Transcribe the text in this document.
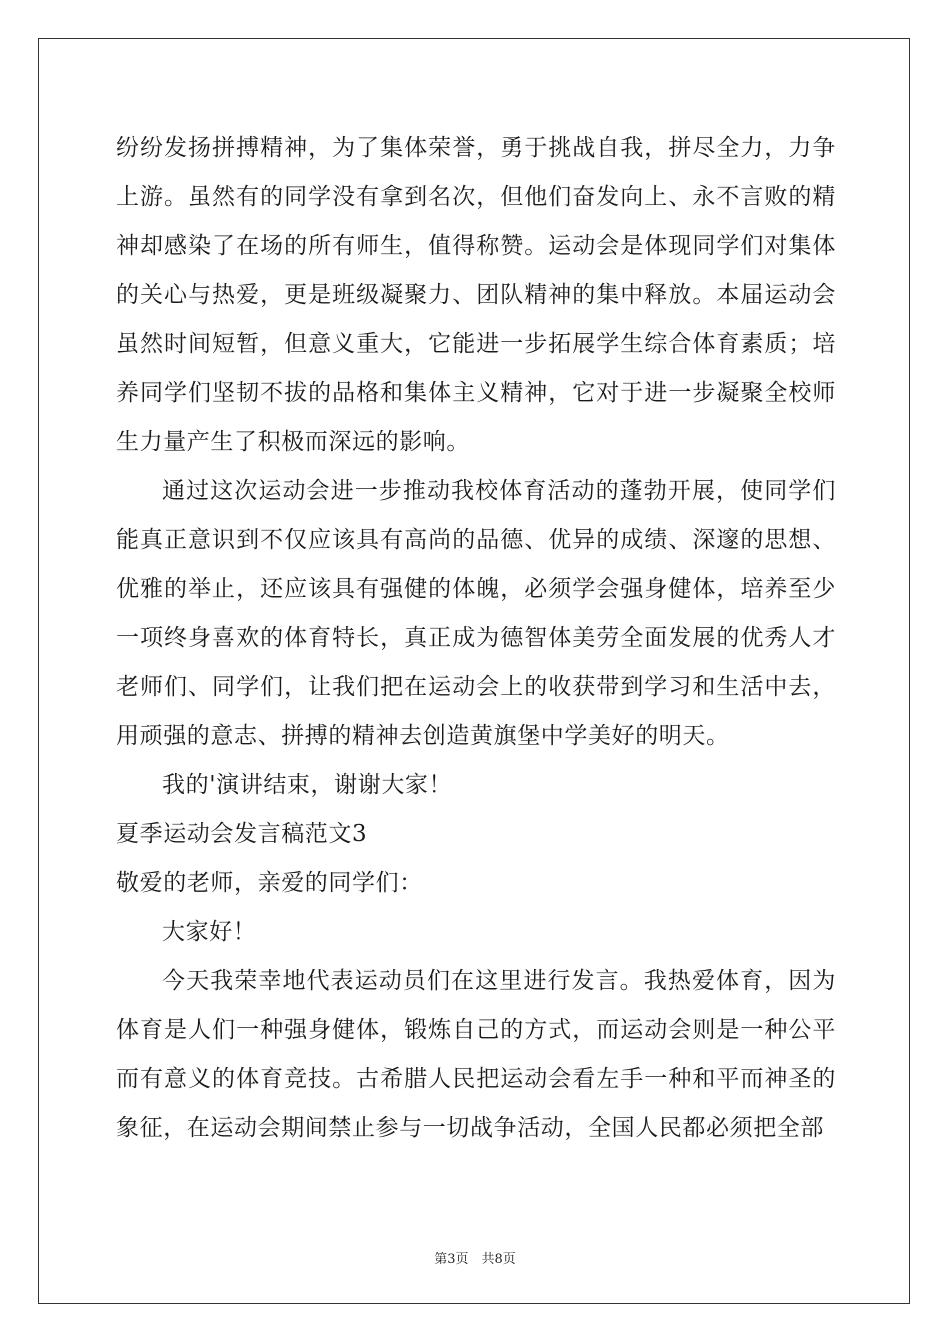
纷纷发扬拼搏精神，为了集体荣誉，勇于挑战自我，拼尽全力，力争上游。虽然有的同学没有拿到名次，但他们奋发向上、永不言败的精神却感染了在场的所有师生，值得称赞。运动会是体现同学们对集体的关心与热爱，更是班级凝聚力、团队精神的集中释放。本届运动会虽然时间短暂，但意义重大，它能进一步拓展学生综合体育素质；培养同学们坚韧不拔的品格和集体主义精神，它对于进一步凝聚全校师生力量产生了积极而深远的影响。

通过这次运动会进一步推动我校体育活动的蓬勃开展，使同学们能真正意识到不仅应该具有高尚的品德、优异的成绩、深邃的思想、优雅的举止，还应该具有强健的体魄，必须学会强身健体，培养至少一项终身喜欢的体育特长，真正成为德智体美劳全面发展的优秀人才老师们、同学们，让我们把在运动会上的收获带到学习和生活中去，用顽强的意志、拼搏的精神去创造黄旗堡中学美好的明天。

我的'演讲结束，谢谢大家！

夏季运动会发言稿范文3

敬爱的老师，亲爱的同学们：

大家好！

今天我荣幸地代表运动员们在这里进行发言。我热爱体育，因为体育是人们一种强身健体，锻炼自己的方式，而运动会则是一种公平而有意义的体育竞技。古希腊人民把运动会看左手一种和平而神圣的象征，在运动会期间禁止参与一切战争活动，全国人民都必须把全部

第3页　共8页
